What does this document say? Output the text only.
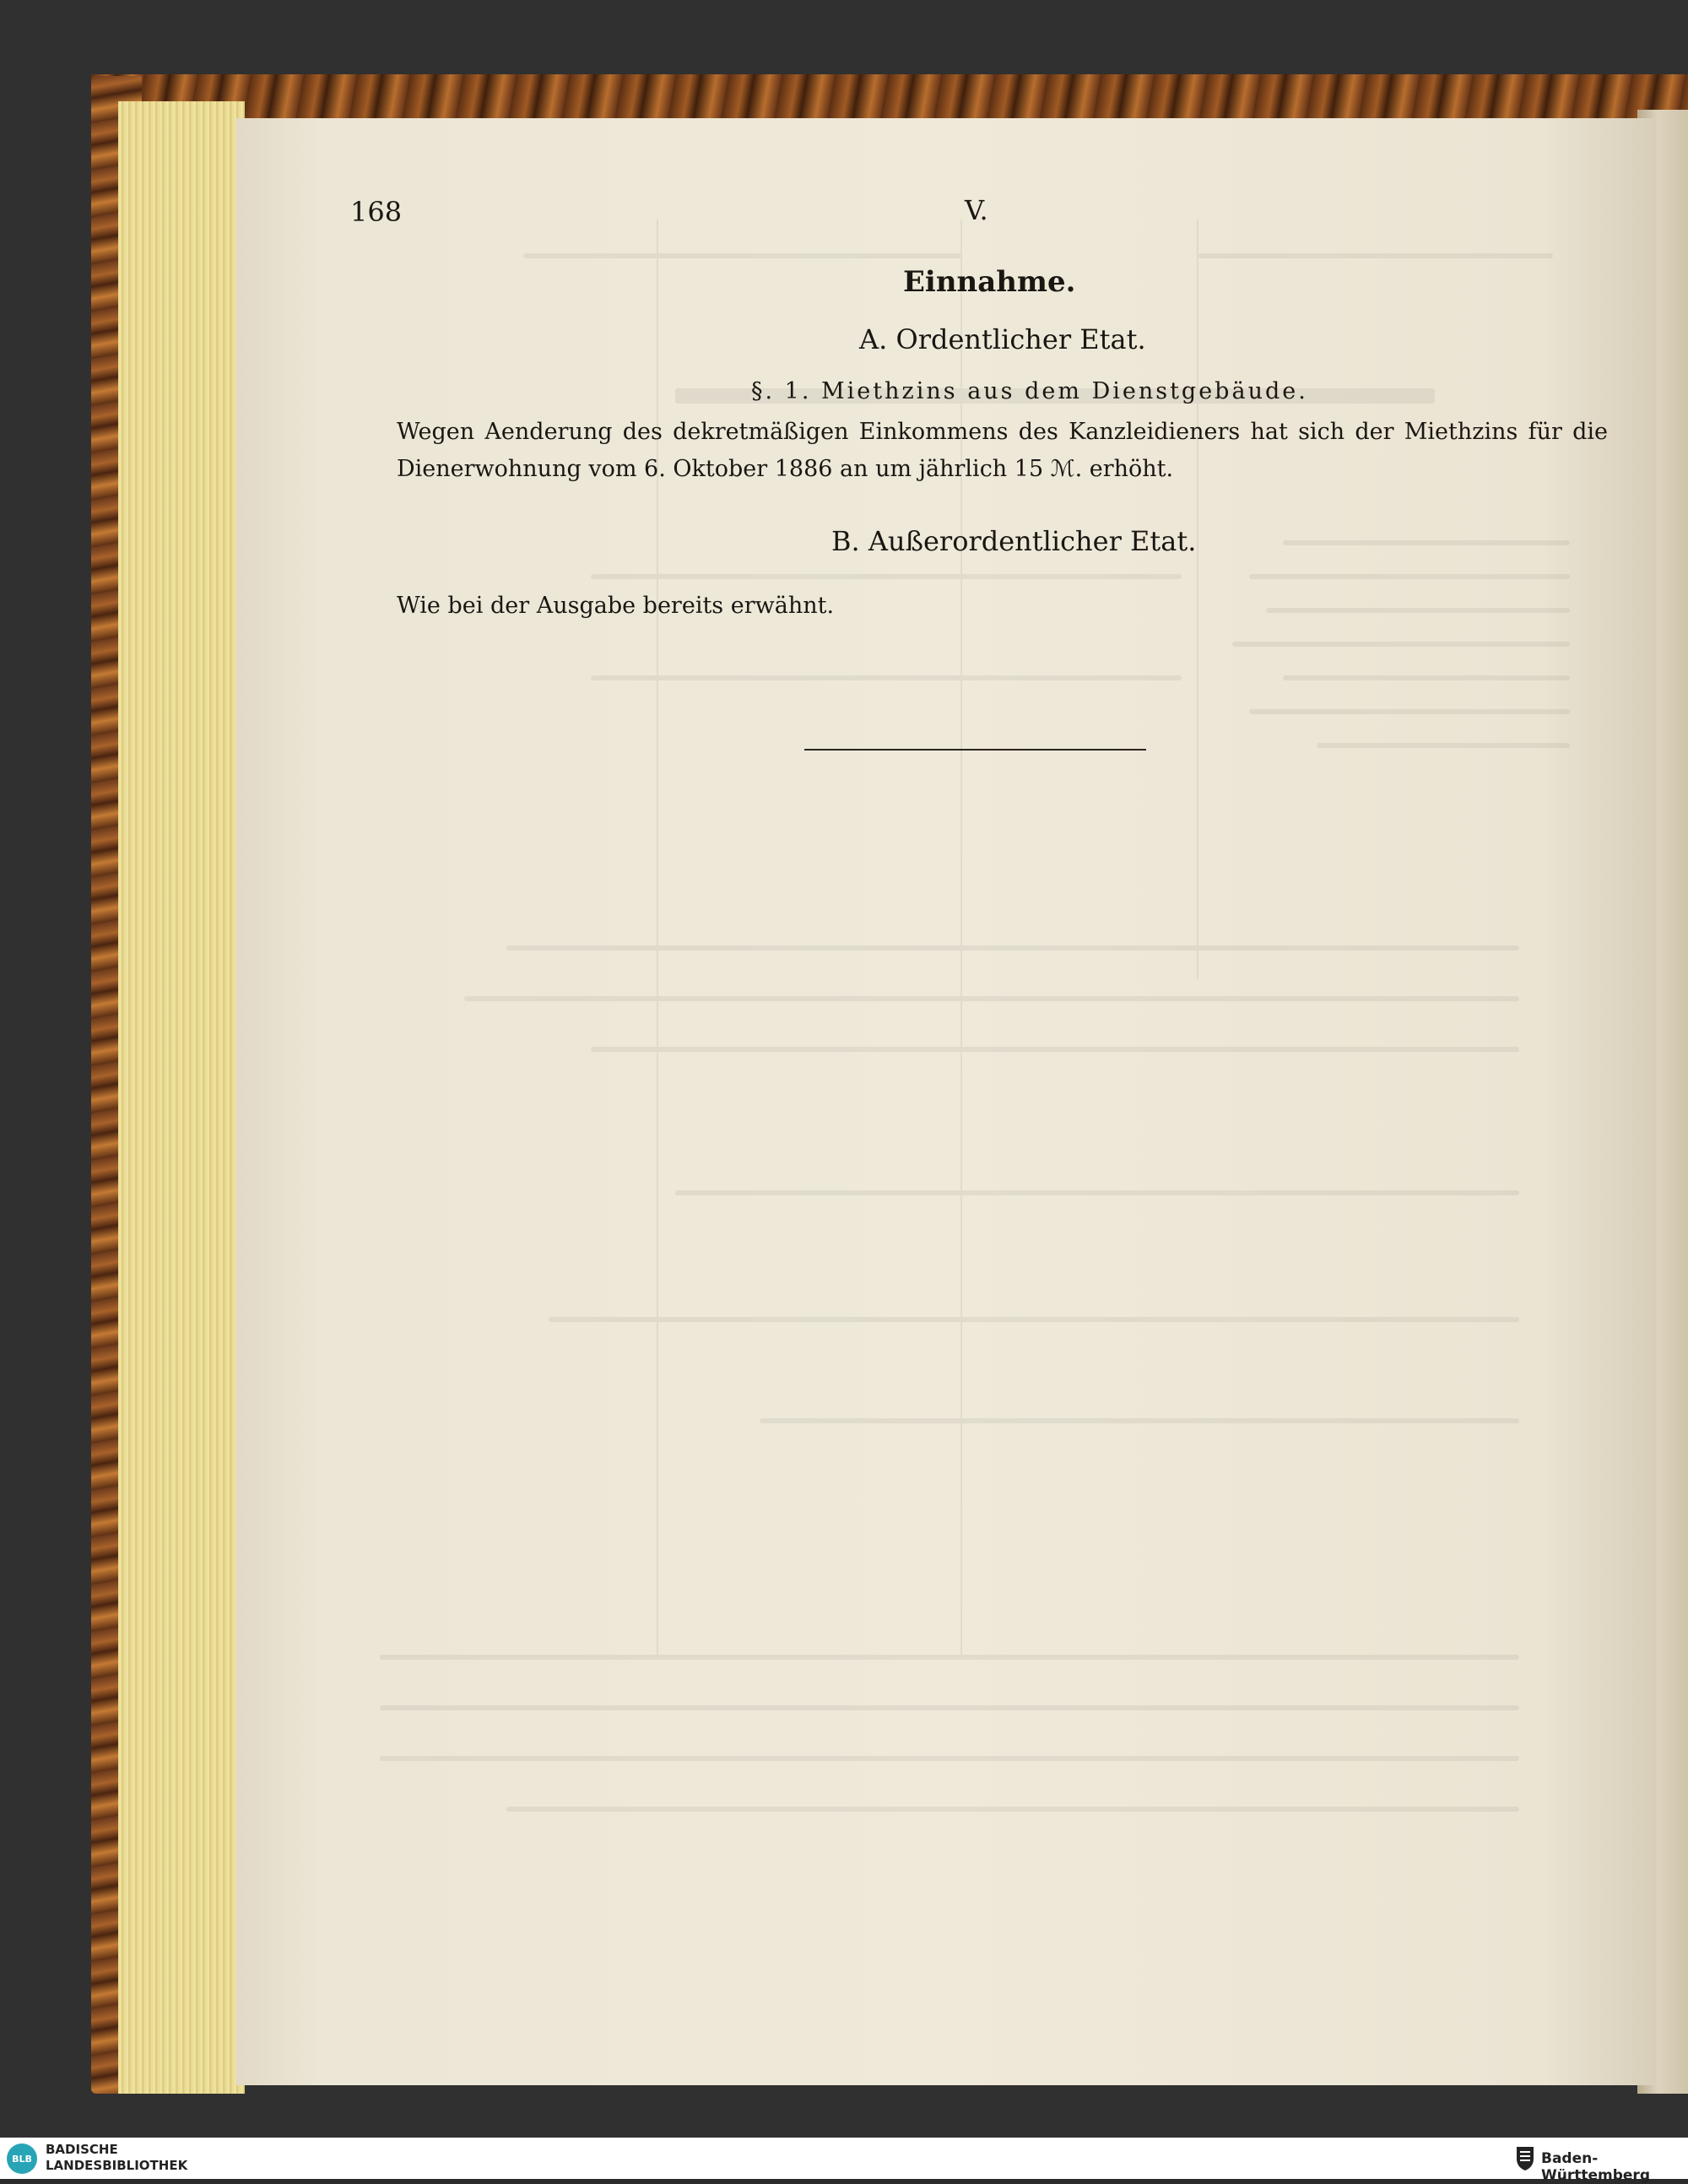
168	V.
Einnahme.
A. Ordentlicher Etat.
§. 1. Miethzins aus dem Dienstgebäude.
Wegen Aenderung des dekretmäßigen Einkommens des Kanzleidieners hat sich der Miethzins für die Dienerwohnung vom 6. Oktober 1886 an um jährlich 15 ℳ. erhöht.
B. Außerordentlicher Etat.
Wie bei der Ausgabe bereits erwähnt.
BLB
BADISCHE
LANDESBIBLIOTHEK	Baden-Württemberg
